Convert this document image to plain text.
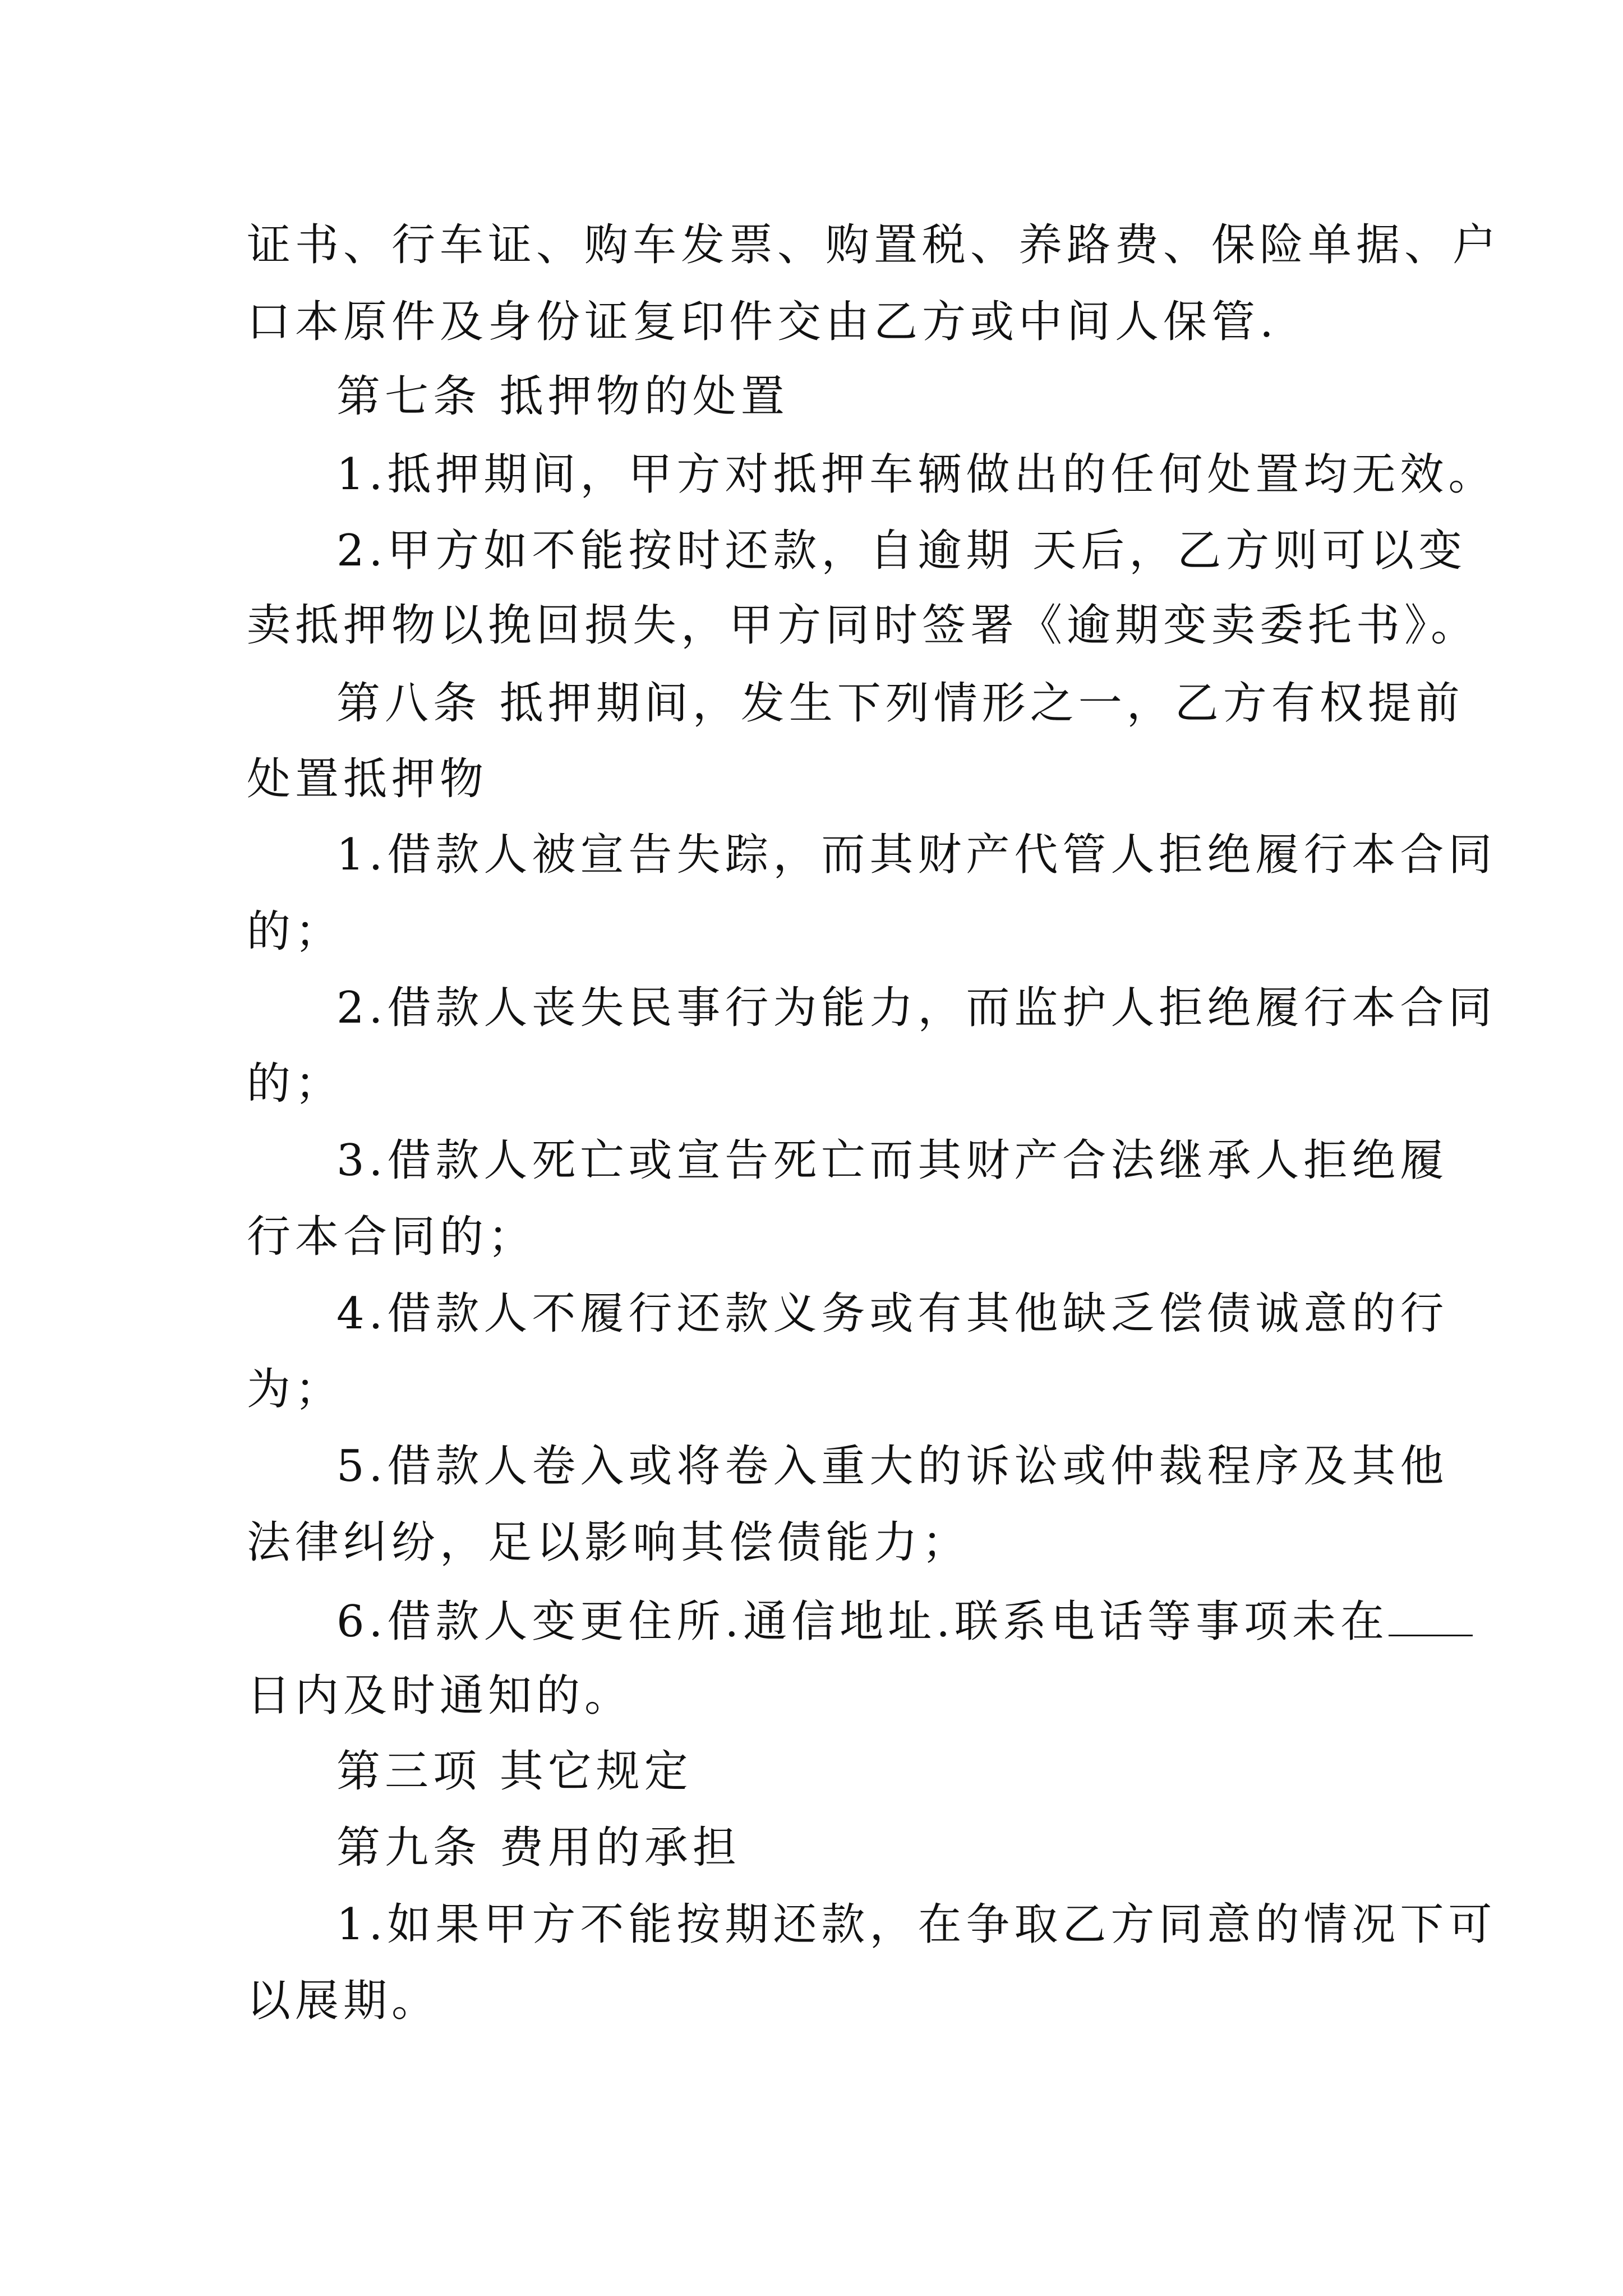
证书、行车证、购车发票、购置税、养路费、保险单据、户

口本原件及身份证复印件交由乙方或中间人保管.

第七条 抵押物的处置

1.抵押期间，甲方对抵押车辆做出的任何处置均无效。

2.甲方如不能按时还款，自逾期 天后，乙方则可以变

卖抵押物以挽回损失，甲方同时签署《逾期变卖委托书》。

第八条 抵押期间，发生下列情形之一，乙方有权提前

处置抵押物

1.借款人被宣告失踪，而其财产代管人拒绝履行本合同

的；

2.借款人丧失民事行为能力，而监护人拒绝履行本合同

的；

3.借款人死亡或宣告死亡而其财产合法继承人拒绝履

行本合同的；

4.借款人不履行还款义务或有其他缺乏偿债诚意的行

为；

5.借款人卷入或将卷入重大的诉讼或仲裁程序及其他

法律纠纷，足以影响其偿债能力；

6.借款人变更住所.通信地址.联系电话等事项未在

日内及时通知的。

第三项 其它规定

第九条 费用的承担

1.如果甲方不能按期还款，在争取乙方同意的情况下可

以展期。
